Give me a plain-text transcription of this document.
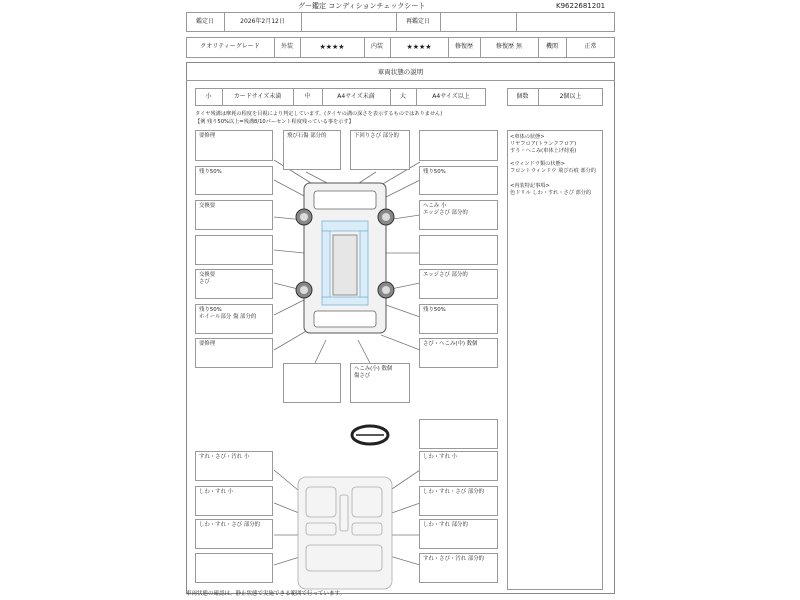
グー鑑定 コンディションチェックシート	K9622681201
鑑定日	2026年2月12日	再鑑定日
クオリティーグレード	外装	★★★★	内装	★★★★	修復歴	修復歴 無	機関	正常
車両状態の説明
小	カードサイズ未満	中	A4サイズ未満	大	A4サイズ以上	個数	2個以上
タイヤ残溝は摩耗の程度を目視により判定しています。(タイヤの溝の深さを表示するものではありません)
【例 残り50%以上=残溝8/10パーセント程度残っている事を示す】
<車体の状態>
リヤフロア(トランクフロア)
すり・へこみ(車体上げ荷重)
<ウィンドウ類の状態>
フロントウィンドウ 飛び石痕 部分的
<内装特記事項>
色ドリル しわ・すれ・さび 部分的
要修理
残り50%
交換要
交換要
さび
残り50%
ホイール部分 傷 部分的
要修理
飛び石傷 部分的	下回りさび 部分的
残り50%
へこみ 小
エッジさび 部分的
エッジさび 部分的
残り50%
さび・へこみ(中) 数個
へこみ(小) 数個
傷さび
すれ・さび・汚れ 小
しわ・すれ 小
しわ・すれ・さび 部分的
しわ・すれ 小
しわ・すれ・さび 部分的
しわ・すれ 部分的
すれ・さび・汚れ 部分的
車両状態の確認は、静止状態で実施できる範囲で行っています。
